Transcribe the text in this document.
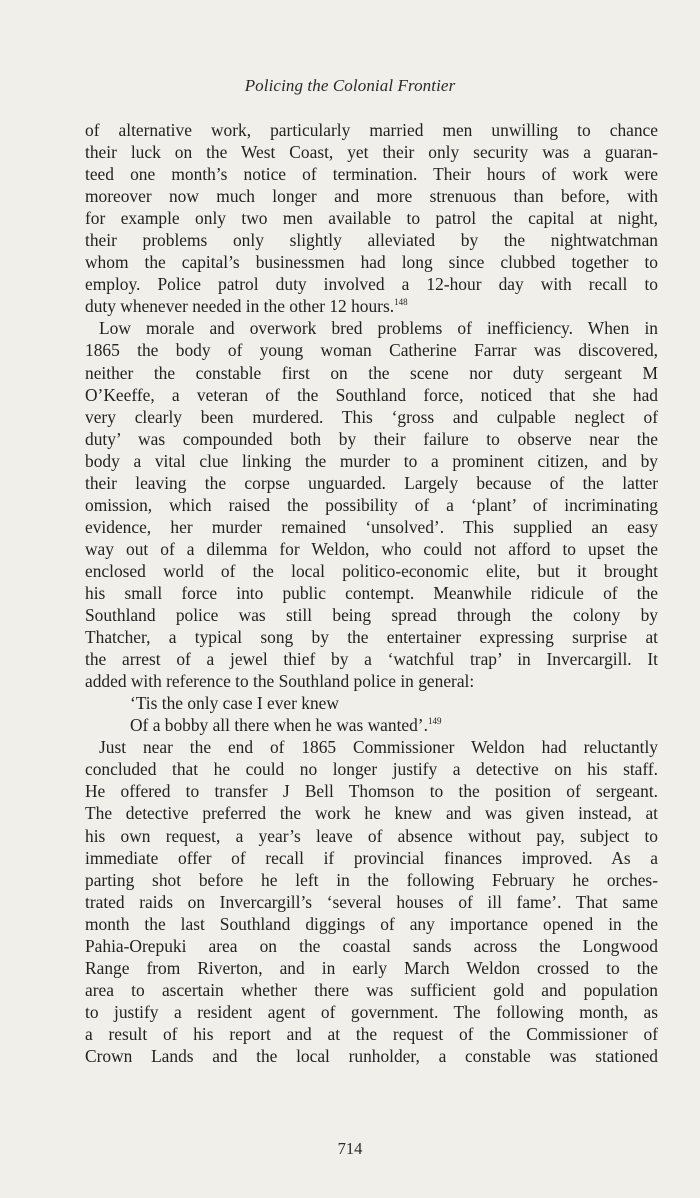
Policing the Colonial Frontier
of alternative work, particularly married men unwilling to chance
their luck on the West Coast, yet their only security was a guaran-
teed one month’s notice of termination. Their hours of work were
moreover now much longer and more strenuous than before, with
for example only two men available to patrol the capital at night,
their problems only slightly alleviated by the nightwatchman
whom the capital’s businessmen had long since clubbed together to
employ. Police patrol duty involved a 12-hour day with recall to
duty whenever needed in the other 12 hours.$^{148}$
Low morale and overwork bred problems of inefficiency. When in
1865 the body of young woman Catherine Farrar was discovered,
neither the constable first on the scene nor duty sergeant M
O’Keeffe, a veteran of the Southland force, noticed that she had
very clearly been murdered. This ‘gross and culpable neglect of
duty’ was compounded both by their failure to observe near the
body a vital clue linking the murder to a prominent citizen, and by
their leaving the corpse unguarded. Largely because of the latter
omission, which raised the possibility of a ‘plant’ of incriminating
evidence, her murder remained ‘unsolved’. This supplied an easy
way out of a dilemma for Weldon, who could not afford to upset the
enclosed world of the local politico-economic elite, but it brought
his small force into public contempt. Meanwhile ridicule of the
Southland police was still being spread through the colony by
Thatcher, a typical song by the entertainer expressing surprise at
the arrest of a jewel thief by a ‘watchful trap’ in Invercargill. It
added with reference to the Southland police in general:
‘Tis the only case I ever knew
Of a bobby all there when he was wanted’.$^{149}$
Just near the end of 1865 Commissioner Weldon had reluctantly
concluded that he could no longer justify a detective on his staff.
He offered to transfer J Bell Thomson to the position of sergeant.
The detective preferred the work he knew and was given instead, at
his own request, a year’s leave of absence without pay, subject to
immediate offer of recall if provincial finances improved. As a
parting shot before he left in the following February he orches-
trated raids on Invercargill’s ‘several houses of ill fame’. That same
month the last Southland diggings of any importance opened in the
Pahia-Orepuki area on the coastal sands across the Longwood
Range from Riverton, and in early March Weldon crossed to the
area to ascertain whether there was sufficient gold and population
to justify a resident agent of government. The following month, as
a result of his report and at the request of the Commissioner of
Crown Lands and the local runholder, a constable was stationed
714
